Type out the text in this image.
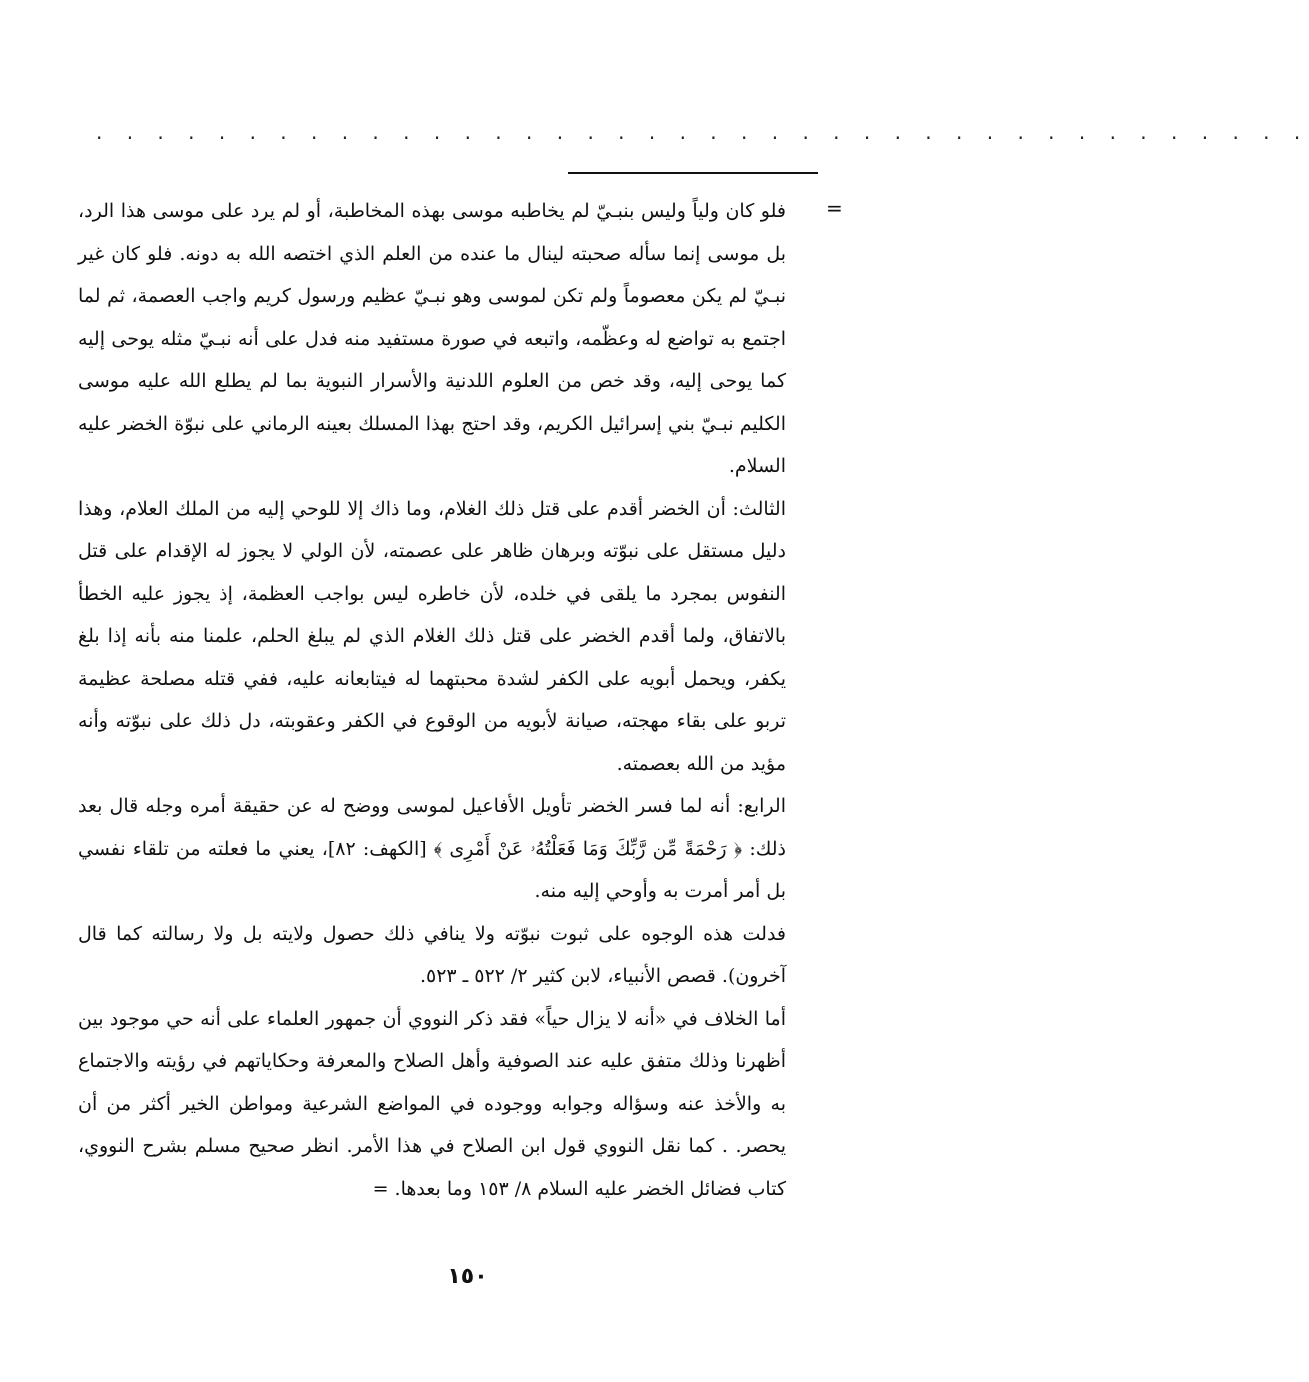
. . . . . . . . . . . . . . . . . . . . . . . . . . . . . . . . . . . . . . . .
=

فلو كان ولياً وليس بنبـيّ لم يخاطبه موسى بهذه المخاطبة، أو لم يرد على موسى هذا الرد، بل موسى إنما سأله صحبته لينال ما عنده من العلم الذي اختصه الله به دونه. فلو كان غير نبـيّ لم يكن معصوماً ولم تكن لموسى وهو نبـيّ عظيم ورسول كريم واجب العصمة، ثم لما اجتمع به تواضع له وعظّمه، واتبعه في صورة مستفيد منه فدل على أنه نبـيّ مثله يوحى إليه كما يوحى إليه، وقد خص من العلوم اللدنية والأسرار النبوية بما لم يطلع الله عليه موسى الكليم نبـيّ بني إسرائيل الكريم، وقد احتج بهذا المسلك بعينه الرماني على نبوّة الخضر عليه السلام.

الثالث: أن الخضر أقدم على قتل ذلك الغلام، وما ذاك إلا للوحي إليه من الملك العلام، وهذا دليل مستقل على نبوّته وبرهان ظاهر على عصمته، لأن الولي لا يجوز له الإقدام على قتل النفوس بمجرد ما يلقى في خلده، لأن خاطره ليس بواجب العظمة، إذ يجوز عليه الخطأ بالاتفاق، ولما أقدم الخضر على قتل ذلك الغلام الذي لم يبلغ الحلم، علمنا منه بأنه إذا بلغ يكفر، ويحمل أبويه على الكفر لشدة محبتهما له فيتابعانه عليه، ففي قتله مصلحة عظيمة تربو على بقاء مهجته، صيانة لأبويه من الوقوع في الكفر وعقوبته، دل ذلك على نبوّته وأنه مؤيد من الله بعصمته.

الرابع: أنه لما فسر الخضر تأويل الأفاعيل لموسى ووضح له عن حقيقة أمره وجله قال بعد ذلك: ﴿ رَحْمَةً مِّن رَّبِّكَ وَمَا فَعَلْتُهُۥ عَنْ أَمْرِى ﴾ [الكهف: ٨٢]، يعني ما فعلته من تلقاء نفسي بل أمر أمرت به وأوحي إليه منه.

فدلت هذه الوجوه على ثبوت نبوّته ولا ينافي ذلك حصول ولايته بل ولا رسالته كما قال آخرون). قصص الأنبياء، لابن كثير ٢/ ٥٢٢ ـ ٥٢٣.

أما الخلاف في «أنه لا يزال حياً» فقد ذكر النووي أن جمهور العلماء على أنه حي موجود بين أظهرنا وذلك متفق عليه عند الصوفية وأهل الصلاح والمعرفة وحكاياتهم في رؤيته والاجتماع به والأخذ عنه وسؤاله وجوابه ووجوده في المواضع الشرعية ومواطن الخير أكثر من أن يحصر. . كما نقل النووي قول ابن الصلاح في هذا الأمر. انظر صحيح مسلم بشرح النووي، كتاب فضائل الخضر عليه السلام ٨/ ١٥٣ وما بعدها. =

١٥٠
